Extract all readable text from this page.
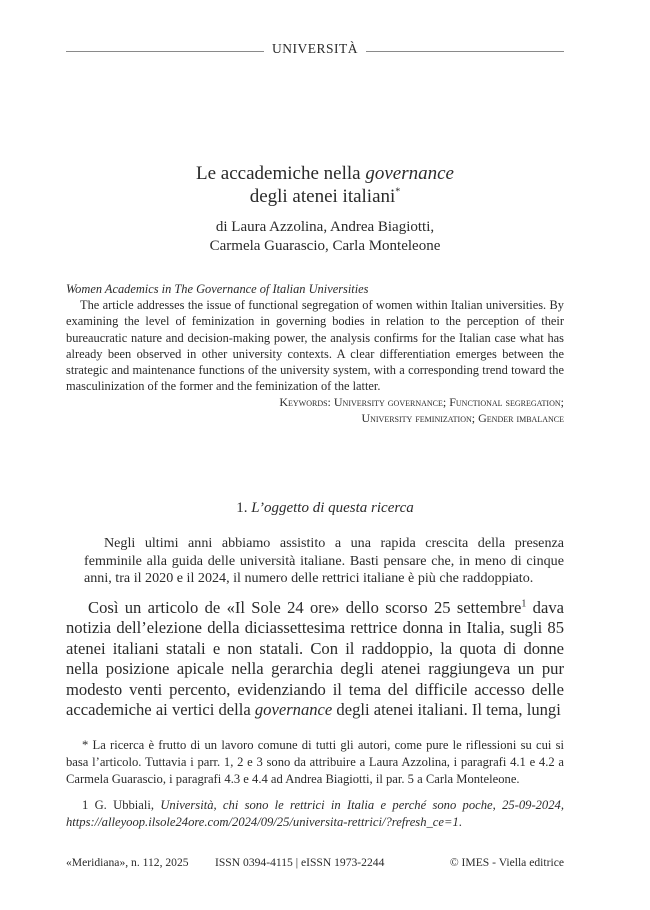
UNIVERSITÀ
Le accademiche nella governance
degli atenei italiani*
di Laura Azzolina, Andrea Biagiotti,
Carmela Guarascio, Carla Monteleone
Women Academics in The Governance of Italian Universities
The article addresses the issue of functional segregation of women within Italian universities. By examining the level of feminization in governing bodies in relation to the perception of their bureaucratic nature and decision-making power, the analysis confirms for the Italian case what has already been observed in other university contexts. A clear differentiation emerges between the strategic and maintenance functions of the university system, with a corresponding trend toward the masculinization of the former and the feminization of the latter.
Keywords: University governance; Functional segregation;
University feminization; Gender imbalance
1. L’oggetto di questa ricerca
Negli ultimi anni abbiamo assistito a una rapida crescita della presenza femminile alla guida delle università italiane. Basti pensare che, in meno di cinque anni, tra il 2020 e il 2024, il numero delle rettrici italiane è più che raddoppiato.
Così un articolo de «Il Sole 24 ore» dello scorso 25 settembre$^1$ dava notizia dell’elezione della diciassettesima rettrice donna in Italia, sugli 85 atenei italiani statali e non statali. Con il raddoppio, la quota di donne nella posizione apicale nella gerarchia degli atenei raggiungeva un pur modesto venti percento, evidenziando il tema del difficile accesso delle accademiche ai vertici della governance degli atenei italiani. Il tema, lungi
* La ricerca è frutto di un lavoro comune di tutti gli autori, come pure le riflessioni su cui si basa l’articolo. Tuttavia i parr. 1, 2 e 3 sono da attribuire a Laura Azzolina, i paragrafi 4.1 e 4.2 a Carmela Guarascio, i paragrafi 4.3 e 4.4 ad Andrea Biagiotti, il par. 5 a Carla Monteleone.
1 G. Ubbiali, Università, chi sono le rettrici in Italia e perché sono poche, 25-09-2024, https://alleyoop.ilsole24ore.com/2024/09/25/universita-rettrici/?refresh_ce=1.
«Meridiana», n. 112, 2025 ISSN 0394-4115 | eISSN 1973-2244	© IMES - Viella editrice
